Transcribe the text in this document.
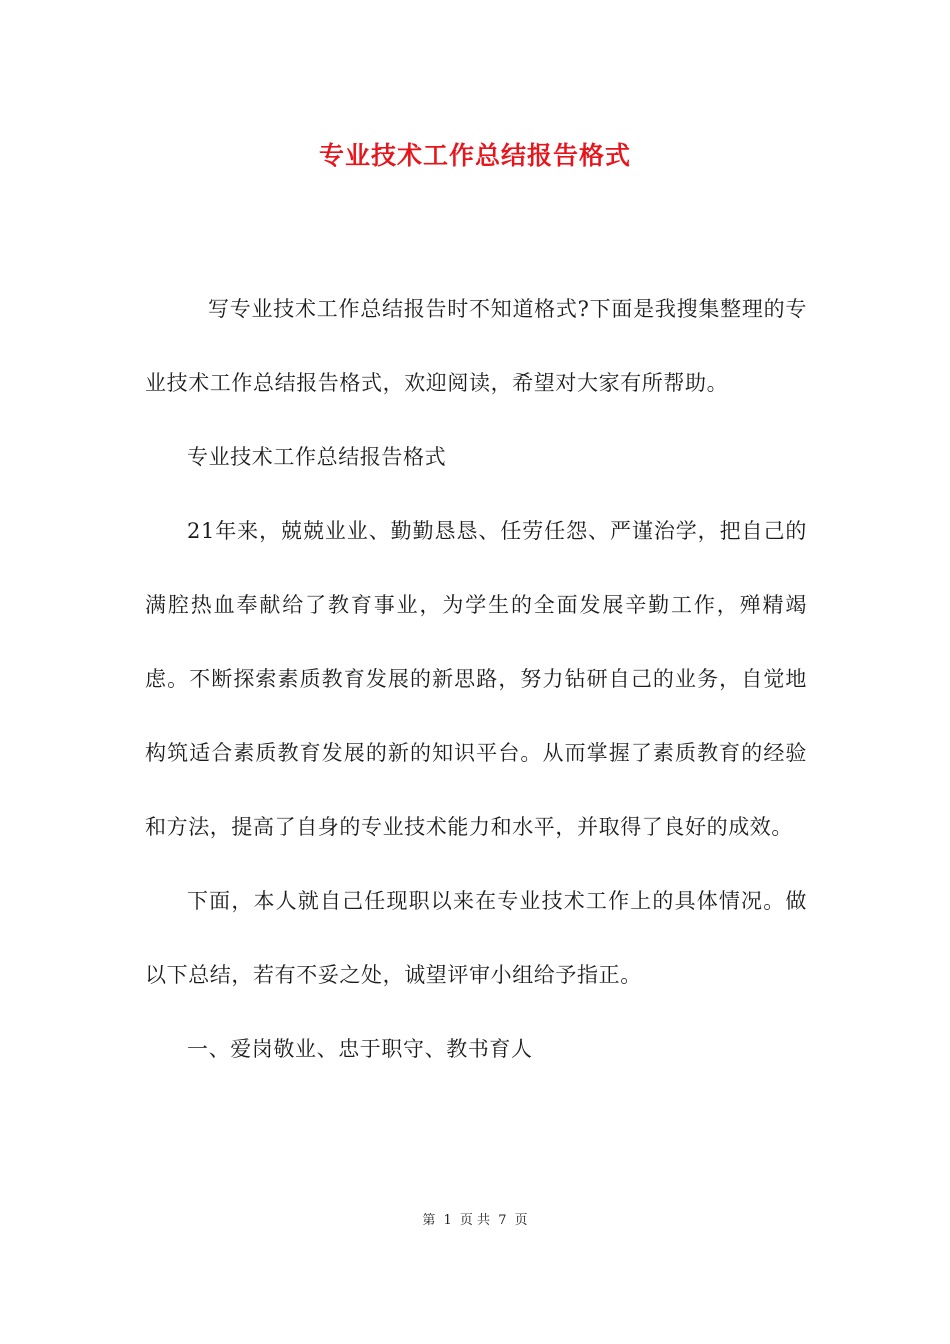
专业技术工作总结报告格式

写专业技术工作总结报告时不知道格式?下面是我搜集整理的专业技术工作总结报告格式，欢迎阅读，希望对大家有所帮助。

专业技术工作总结报告格式

21年来，兢兢业业、勤勤恳恳、任劳任怨、严谨治学，把自己的满腔热血奉献给了教育事业，为学生的全面发展辛勤工作，殚精竭虑。不断探索素质教育发展的新思路，努力钻研自己的业务，自觉地构筑适合素质教育发展的新的知识平台。从而掌握了素质教育的经验和方法，提高了自身的专业技术能力和水平，并取得了良好的成效。

下面，本人就自己任现职以来在专业技术工作上的具体情况。做以下总结，若有不妥之处，诚望评审小组给予指正。

一、爱岗敬业、忠于职守、教书育人

第 1 页 共 7 页
